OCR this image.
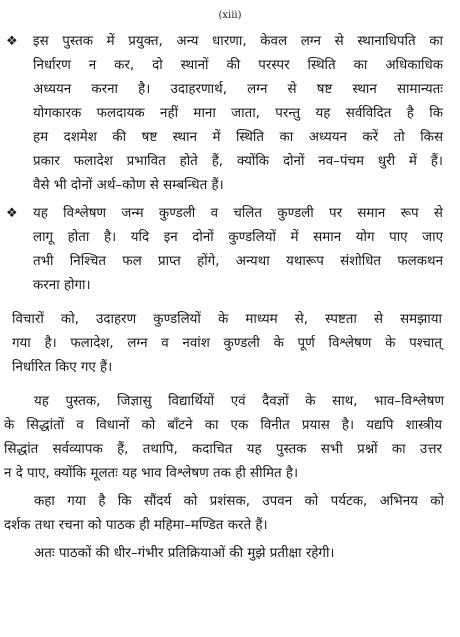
(xiii)
❖ इस पुस्तक में प्रयुक्त, अन्य धारणा, केवल लग्न से स्थानाधिपति का
निर्धारण न कर, दो स्थानों की परस्पर स्थिति का अधिकाधिक
अध्ययन करना है। उदाहरणार्थ, लग्न से षष्ट स्थान सामान्यतः
योगकारक फलदायक नहीं माना जाता, परन्तु यह सर्वविदित है कि
हम दशमेश की षष्ट स्थान में स्थिति का अध्ययन करें तो किस
प्रकार फलादेश प्रभावित होते हैं, क्योंकि दोनों नव–पंचम धुरी में हैं।
वैसे भी दोनों अर्थ–कोण से सम्बन्धित हैं।
❖ यह विश्लेषण जन्म कुण्डली व चलित कुण्डली पर समान रूप से
लागू होता है। यदि इन दोनों कुण्डलियों में समान योग पाए जाए
तभी निश्चित फल प्राप्त होंगे, अन्यथा यथारूप संशोधित फलकथन
करना होगा।
विचारों को, उदाहरण कुण्डलियों के माध्यम से, स्पष्टता से समझाया
गया है। फलादेश, लग्न व नवांश कुण्डली के पूर्ण विश्लेषण के पश्चात्
निर्धारित किए गए हैं।
यह पुस्तक, जिज्ञासु विद्यार्थियों एवं दैवज्ञों के साथ, भाव–विश्लेषण
के सिद्धांतों व विधानों को बाँटने का एक विनीत प्रयास है। यद्यपि शास्त्रीय
सिद्धांत सर्वव्यापक हैं, तथापि, कदाचित यह पुस्तक सभी प्रश्नों का उत्तर
न दे पाए, क्योंकि मूलतः यह भाव विश्लेषण तक ही सीमित है।
कहा गया है कि सौंदर्य को प्रशंसक, उपवन को पर्यटक, अभिनय को
दर्शक तथा रचना को पाठक ही महिमा–मण्डित करते हैं।
अतः पाठकों की धीर–गंभीर प्रतिक्रियाओं की मुझे प्रतीक्षा रहेगी।
